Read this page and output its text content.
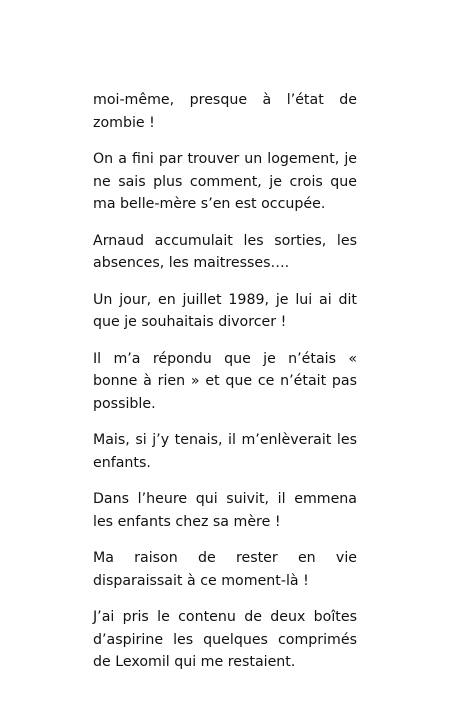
moi-même, presque à l’état de zombie !

On a fini par trouver un logement, je ne sais plus comment, je crois que ma belle-mère s’en est occupée.

Arnaud accumulait les sorties, les absences, les maitresses….

Un jour, en juillet 1989, je lui ai dit que je souhaitais divorcer !

Il m’a répondu que je n’étais « bonne à rien » et que ce n’était pas possible.

Mais, si j’y tenais, il m’enlèverait les enfants.

Dans l’heure qui suivit, il emmena les enfants chez sa mère !

Ma raison de rester en vie disparaissait à ce moment-là !

J’ai pris le contenu de deux boîtes d’aspirine les quelques comprimés de Lexomil qui me restaient.
